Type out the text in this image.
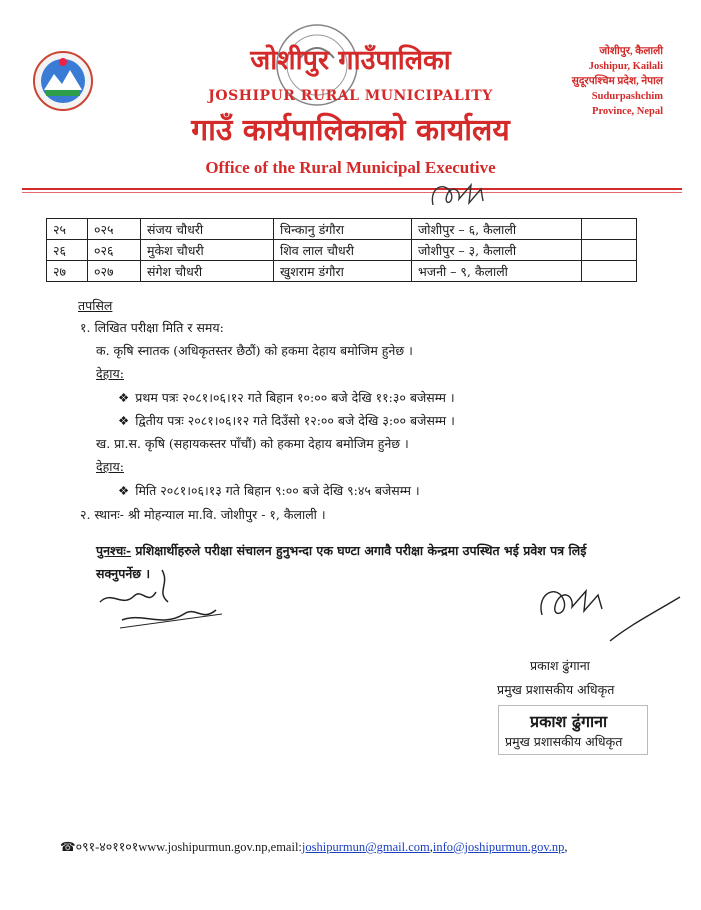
जोशीपुर गाउँपालिका
JOSHIPUR RURAL MUNICIPALITY
गाउँ कार्यपालिकाको कार्यालय
Office of the Rural Municipal Executive
जोशीपुर, कैलाली
Joshipur, Kailali
सुदूरपश्चिम प्रदेश, नेपाल
Sudurpashchim
Province, Nepal
२५	०२५	संजय चौधरी	चिन्कानु डंगौरा	जोशीपुर – ६, कैलाली	
२६	०२६	मुकेश चौधरी	शिव लाल चौधरी	जोशीपुर – ३, कैलाली	
२७	०२७	संगेश चौधरी	खुशराम डंगौरा	भजनी – ९, कैलाली	
तपसिल
१. लिखित परीक्षा मिति र समय:
क. कृषि स्नातक (अधिकृतस्तर छैठौं) को हकमा देहाय बमोजिम हुनेछ ।
देहाय:
❖ प्रथम पत्रः २०८१।०६।१२ गते बिहान १०:०० बजे देखि ११:३० बजेसम्म ।
❖ द्वितीय पत्रः २०८१।०६।१२ गते दिउँसो १२:०० बजे देखि ३:०० बजेसम्म ।
ख. प्रा.स. कृषि (सहायकस्तर पाँचौं) को हकमा देहाय बमोजिम हुनेछ ।
देहाय:
❖ मिति २०८१।०६।१३ गते बिहान ९:०० बजे देखि ९:४५ बजेसम्म ।
२. स्थानः- श्री मोहन्याल मा.वि. जोशीपुर - १, कैलाली ।
पुनश्चः- प्रशिक्षार्थीहरुले परीक्षा संचालन हुनुभन्दा एक घण्टा अगावै परीक्षा केन्द्रमा उपस्थित भई प्रवेश पत्र लिई
सक्नुपर्नेछ ।
प्रकाश ढुंगाना
प्रमुख प्रशासकीय अधिकृत
प्रकाश ढुंगाना
प्रमुख प्रशासकीय अधिकृत
☎०९१-४०११०१www.joshipurmun.gov.np,email:joshipurmun@gmail.com,info@joshipurmun.gov.np,
